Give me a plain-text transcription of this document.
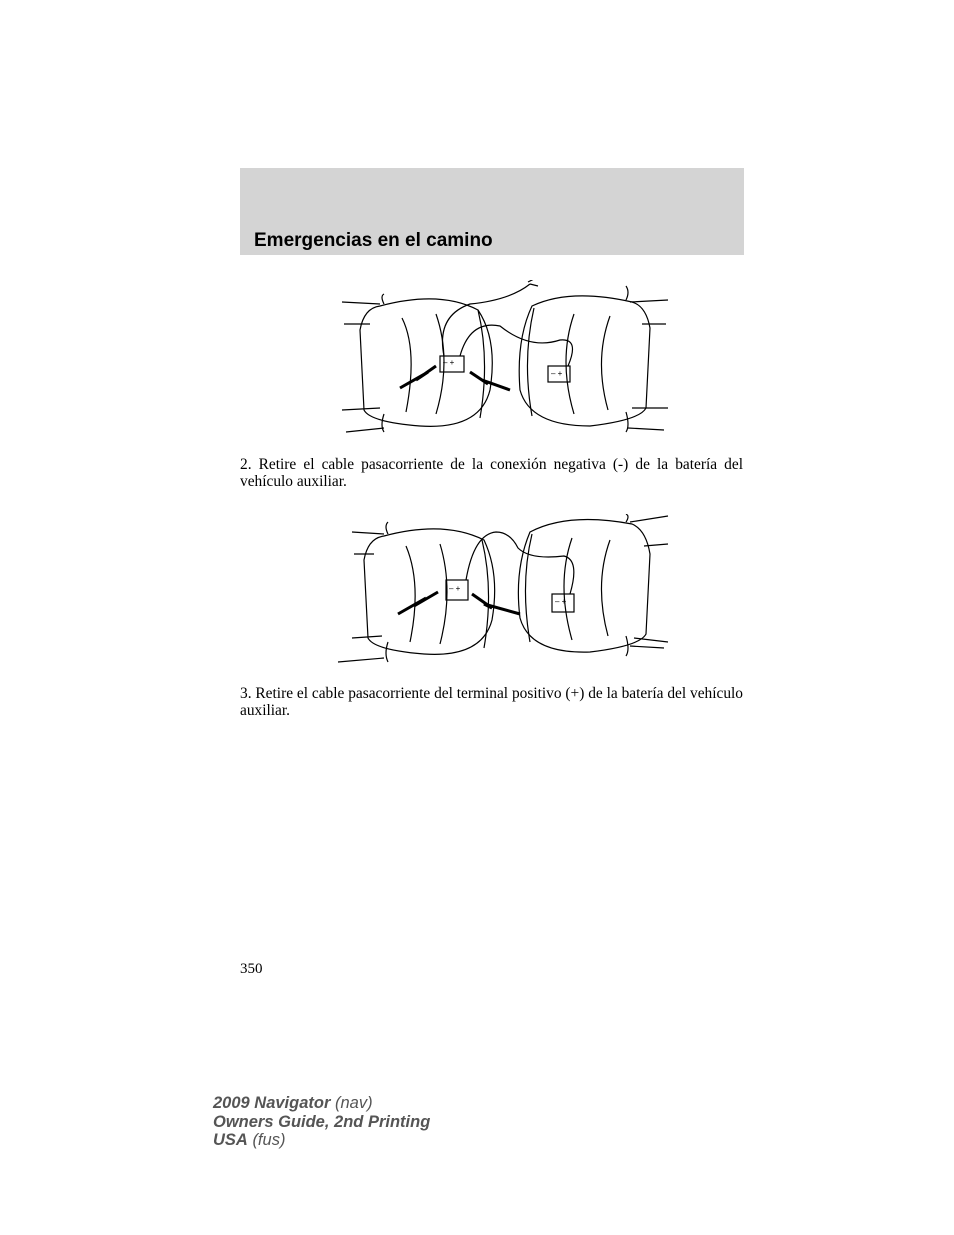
Emergencias en el camino
– +
– +

2. Retire el cable pasacorriente de la conexión negativa (-) de la batería del vehículo auxiliar.

– +
– +

3. Retire el cable pasacorriente del terminal positivo (+) de la batería del vehículo auxiliar.

350
2009 Navigator (nav)
Owners Guide, 2nd Printing
USA (fus)
